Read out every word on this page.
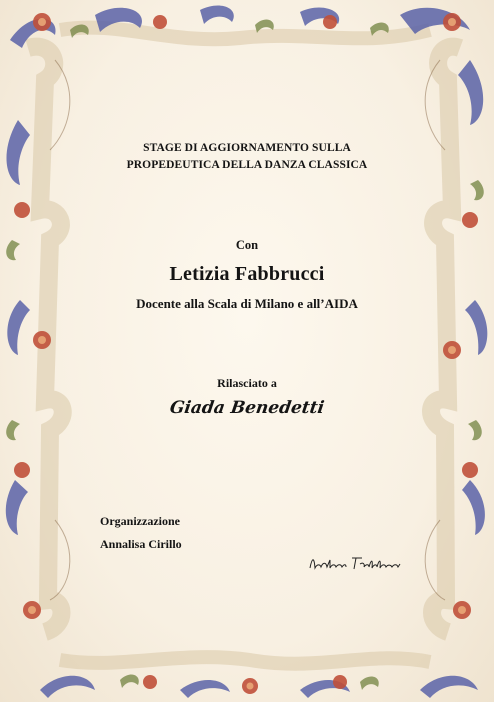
STAGE DI AGGIORNAMENTO SULLA
PROPEDEUTICA DELLA DANZA CLASSICA
Con
Letizia Fabbrucci
Docente alla Scala di Milano e all’AIDA
Rilasciato a
Giada Benedetti
Organizzazione
Annalisa Cirillo
